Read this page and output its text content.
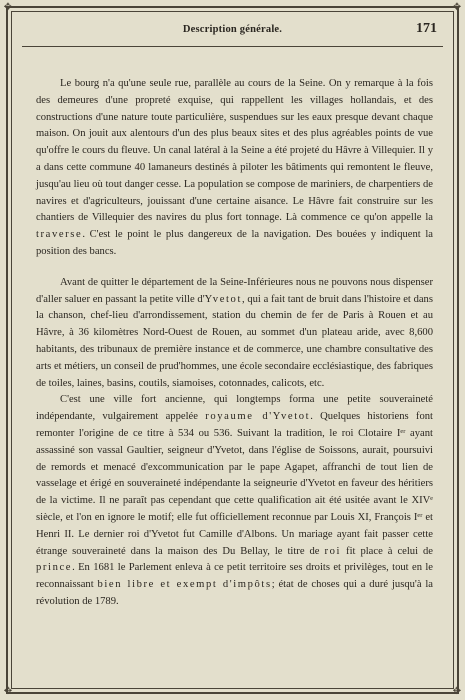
✥	✥
✥	✥
Description générale.	171

Le bourg n'a qu'une seule rue, parallèle au cours de la Seine. On y remarque à la fois des demeures d'une propreté exquise, qui rappellent les villages hollandais, et des constructions d'une nature toute particulière, suspendues sur les eaux presque devant chaque maison. On jouit aux alentours d'un des plus beaux sites et des plus agréables points de vue qu'offre le cours du fleuve. Un canal latéral à la Seine a été projeté du Hâvre à Villequier. Il y a dans cette commune 40 lamaneurs destinés à piloter les bâtiments qui remontent le fleuve, jusqu'au lieu où tout danger cesse. La population se compose de mariniers, de charpentiers de navires et d'agriculteurs, jouissant d'une certaine aisance. Le Hâvre fait construire sur les chantiers de Villequier des navires du plus fort tonnage. Là commence ce qu'on appelle la traverse. C'est le point le plus dangereux de la navigation. Des bouées y indiquent la position des bancs.

Avant de quitter le département de la Seine-Inférieures nous ne pouvons nous dispenser d'aller saluer en passant la petite ville d'Yvetot, qui a fait tant de bruit dans l'histoire et dans la chanson, chef-lieu d'arrondissement, station du chemin de fer de Paris à Rouen et au Hâvre, à 36 kilomètres Nord-Ouest de Rouen, au sommet d'un plateau aride, avec 8,600 habitants, des tribunaux de première instance et de commerce, une chambre consultative des arts et métiers, un conseil de prud'hommes, une école secondaire ecclésiastique, des fabriques de toiles, laines, basins, coutils, siamoises, cotonnades, calicots, etc.

C'est une ville fort ancienne, qui longtemps forma une petite souveraineté indépendante, vulgairement appelée royaume d'Yvetot. Quelques historiens font remonter l'origine de ce titre à 534 ou 536. Suivant la tradition, le roi Clotaire Iᵉʳ ayant assassiné son vassal Gaultier, seigneur d'Yvetot, dans l'église de Soissons, aurait, poursuivi de remords et menacé d'excommunication par le pape Agapet, affranchi de tout lien de vasselage et érigé en souveraineté indépendante la seigneurie d'Yvetot en faveur des héritiers de la victime. Il ne paraît pas cependant que cette qualification ait été usitée avant le XIVᵉ siècle, et l'on en ignore le motif; elle fut officiellement reconnue par Louis XI, François Iᵉʳ et Henri II. Le dernier roi d'Yvetot fut Camille d'Albons. Un mariage ayant fait passer cette étrange souveraineté dans la maison des Du Bellay, le titre de roi fit place à celui de prince. En 1681 le Parlement enleva à ce petit territoire ses droits et privilèges, tout en le reconnaissant bien libre et exempt d'impôts; état de choses qui a duré jusqu'à la révolution de 1789.
